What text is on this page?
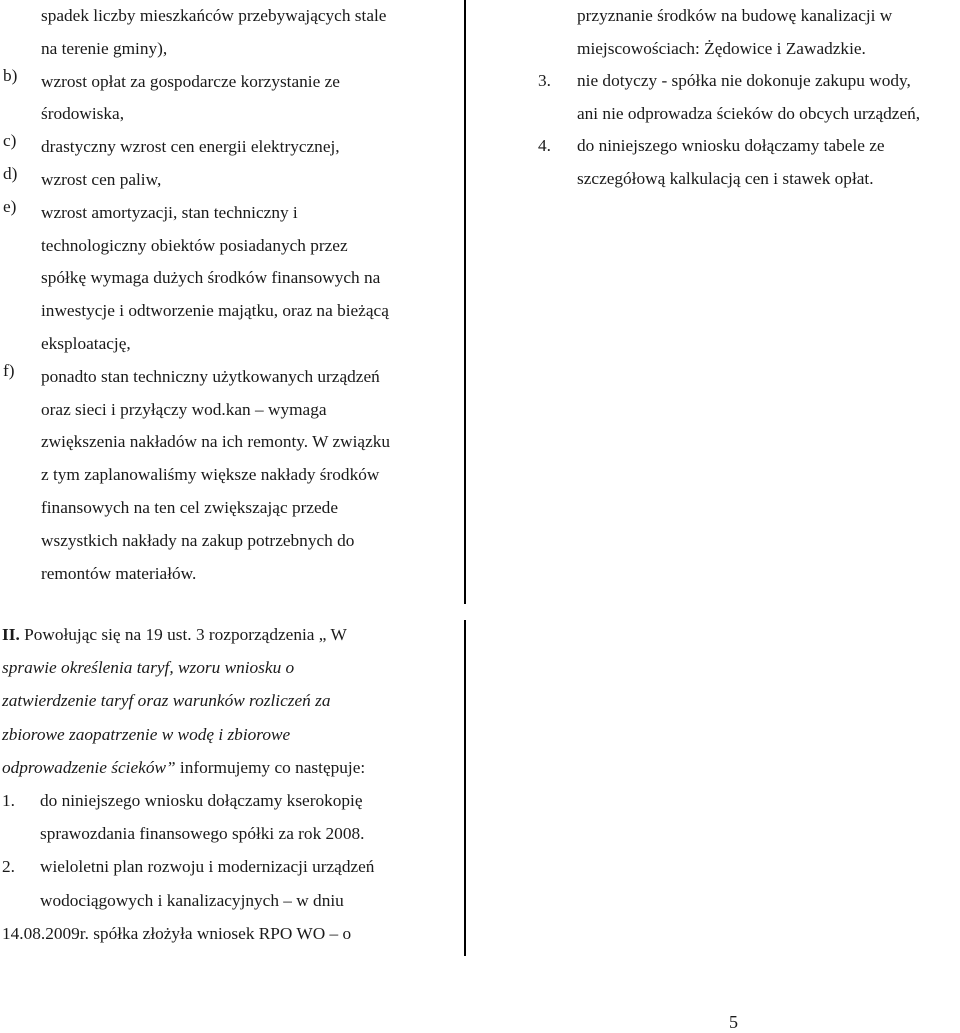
spadek liczby mieszkańców przebywających stale
na terenie gminy),
b) wzrost opłat za gospodarcze korzystanie ze
środowiska,
c) drastyczny wzrost cen energii elektrycznej,
d) wzrost cen paliw,
e) wzrost amortyzacji, stan techniczny i
technologiczny obiektów posiadanych przez
spółkę wymaga dużych środków finansowych na
inwestycje i odtworzenie majątku, oraz na bieżącą
eksploatację,
f) ponadto stan techniczny użytkowanych urządzeń
oraz sieci i przyłączy wod.kan – wymaga
zwiększenia nakładów na ich remonty. W związku
z tym zaplanowaliśmy większe nakłady środków
finansowych na ten cel zwiększając przede
wszystkich nakłady na zakup potrzebnych do
remontów materiałów.
przyznanie środków na budowę kanalizacji w
miejscowościach: Żędowice i Zawadzkie.
3. nie dotyczy - spółka nie dokonuje zakupu wody,
ani nie odprowadza ścieków do obcych urządzeń,
4. do niniejszego wniosku dołączamy tabele ze
szczegółową kalkulacją cen i stawek opłat.

II. Powołując się na 19 ust. 3 rozporządzenia „ W

sprawie określenia taryf, wzoru wniosku o

zatwierdzenie taryf oraz warunków rozliczeń za

zbiorowe zaopatrzenie w wodę i zbiorowe

odprowadzenie ścieków” informujemy co następuje:

1. do niniejszego wniosku dołączamy kserokopię
sprawozdania finansowego spółki za rok 2008.
2. wieloletni plan rozwoju i modernizacji urządzeń
wodociągowych i kanalizacyjnych – w dniu

14.08.2009r. spółka złożyła wniosek RPO WO – o

5
